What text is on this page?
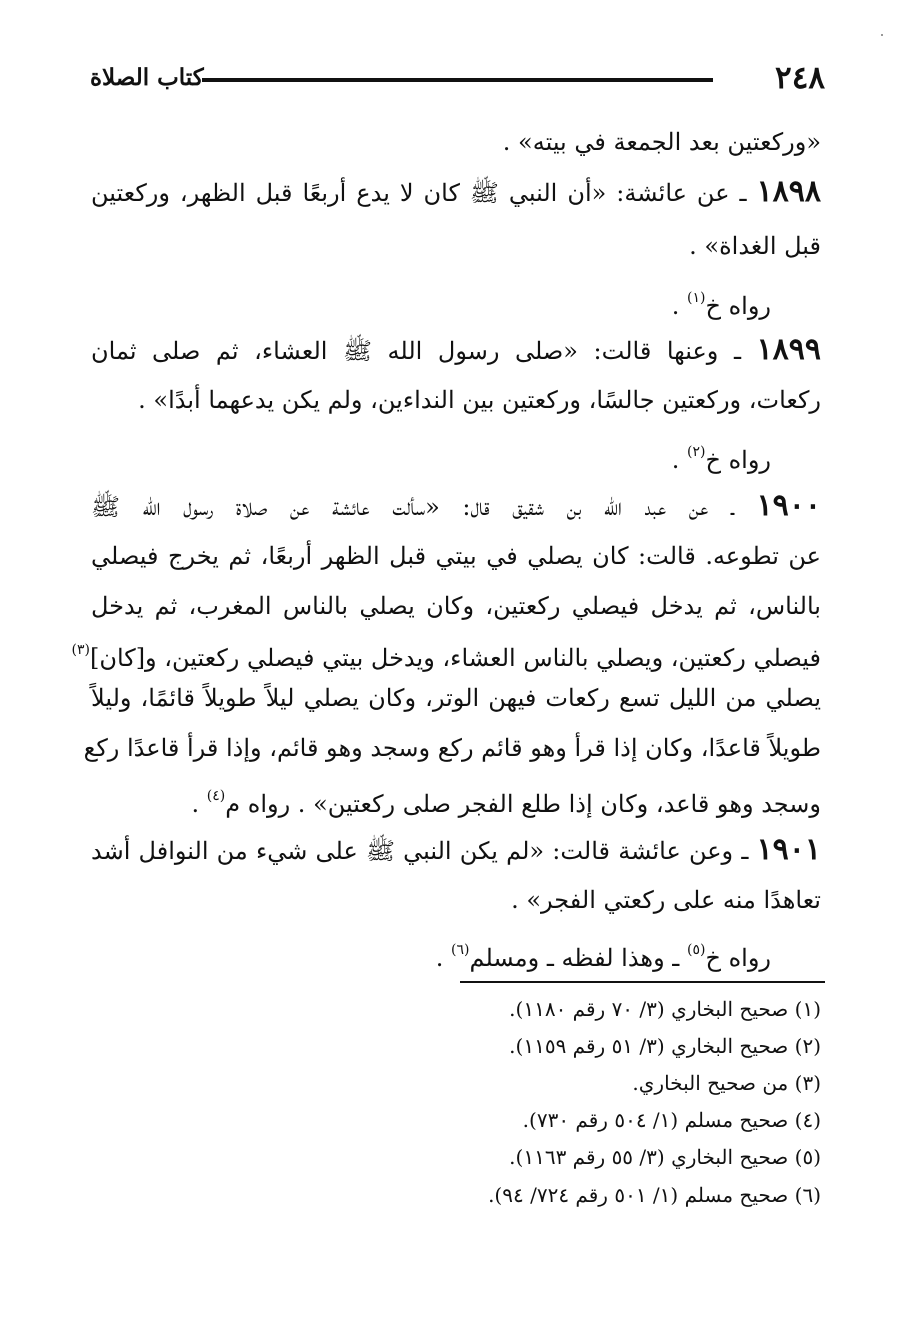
٢٤٨
كتاب الصلاة
«وركعتين بعد الجمعة في بيته» .
١٨٩٨ ـ عن عائشة: «أن النبي ﷺ كان لا يدع أربعًا قبل الظهر، وركعتين
قبل الغداة» .
رواه خ$^{(١)}$ .
١٨٩٩ ـ وعنها قالت: «صلى رسول الله ﷺ العشاء، ثم صلى ثمان
ركعات، وركعتين جالسًا، وركعتين بين النداءين، ولم يكن يدعهما أبدًا» .
رواه خ$^{(٢)}$ .
١٩٠٠ ـ عن عبد الله بن شقيق قال: «سألت عائشة عن صلاة رسول الله ﷺ
عن تطوعه. قالت: كان يصلي في بيتي قبل الظهر أربعًا، ثم يخرج فيصلي
بالناس، ثم يدخل فيصلي ركعتين، وكان يصلي بالناس المغرب، ثم يدخل
فيصلي ركعتين، ويصلي بالناس العشاء، ويدخل بيتي فيصلي ركعتين، و[كان]$^{(٣)}$
يصلي من الليل تسع ركعات فيهن الوتر، وكان يصلي ليلاً طويلاً قائمًا، وليلاً
طويلاً قاعدًا، وكان إذا قرأ وهو قائم ركع وسجد وهو قائم، وإذا قرأ قاعدًا ركع
وسجد وهو قاعد، وكان إذا طلع الفجر صلى ركعتين» . رواه م$^{(٤)}$ .
١٩٠١ ـ وعن عائشة قالت: «لم يكن النبي ﷺ على شيء من النوافل أشد
تعاهدًا منه على ركعتي الفجر» .
رواه خ$^{(٥)}$ ـ وهذا لفظه ـ ومسلم$^{(٦)}$ .
(١) صحيح البخاري (٣/ ٧٠ رقم ١١٨٠).
(٢) صحيح البخاري (٣/ ٥١ رقم ١١٥٩).
(٣) من صحيح البخاري.
(٤) صحيح مسلم (١/ ٥٠٤ رقم ٧٣٠).
(٥) صحيح البخاري (٣/ ٥٥ رقم ١١٦٣).
(٦) صحيح مسلم (١/ ٥٠١ رقم ٧٢٤/ ٩٤).
